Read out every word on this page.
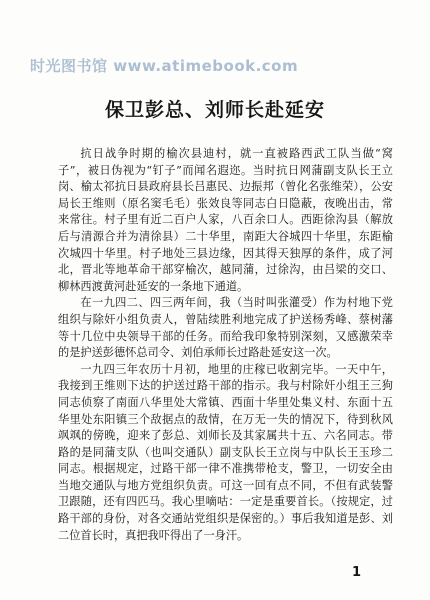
时光图书馆 www.atimebook.com
保卫彭总、刘师长赴延安

抗日战争时期的榆次县迪村，就一直被路西武工队当做“窝子”，被日伪视为“钉子”而闻名遐迩。当时抗日网蒲副支队长王立岗、榆太祁抗日县政府县长吕惠民、边振邦（曾化名张维荣），公安局长王维则（原名窦毛毛）张效良等同志白日隐蔽，夜晚出击，常来常往。村子里有近二百户人家，八百余口人。西距徐沟县（解放后与清源合并为清徐县）二十华里，南距大谷城四十华里，东距榆次城四十华里。村子地处三县边缘，因其得天独厚的条件，成了河北，晋北等地革命干部穿榆次，越同蒲，过徐沟，由吕梁的交口、柳林西渡黄河赴延安的一条地下通道。

在一九四二、四三两年间，我（当时叫张灌受）作为村地下党组织与除奸小组负责人，曾陆续胜利地完成了护送杨秀峰、蔡树藩等十几位中央领导干部的任务。而给我印象特别深刻，又感激荣幸的是护送彭德怀总司令、刘伯承师长过路赴延安这一次。

一九四三年农历十月初，地里的庄稼已收割完毕。一天中午，我接到王维则下达的护送过路干部的指示。我与村除奸小组王三狗同志侦察了南面八华里处大常镇、西面十华里处集义村、东面十五华里处东阳镇三个敌据点的敌情，在万无一失的情况下，待到秋风飒飒的傍晚，迎来了彭总、刘师长及其家属共十五、六名同志。带路的是同蒲支队（也叫交通队）副支队长王立岗与中队长王玉珍二同志。根据规定，过路干部一律不准携带枪支，警卫，一切安全由当地交通队与地方党组织负责。可这一回有点不同，不但有武装警卫跟随，还有四匹马。我心里嘀咕：一定是重要首长。（按规定，过路干部的身份，对各交通站党组织是保密的。）事后我知道是彭、刘二位首长时，真把我吓得出了一身汗。

1
